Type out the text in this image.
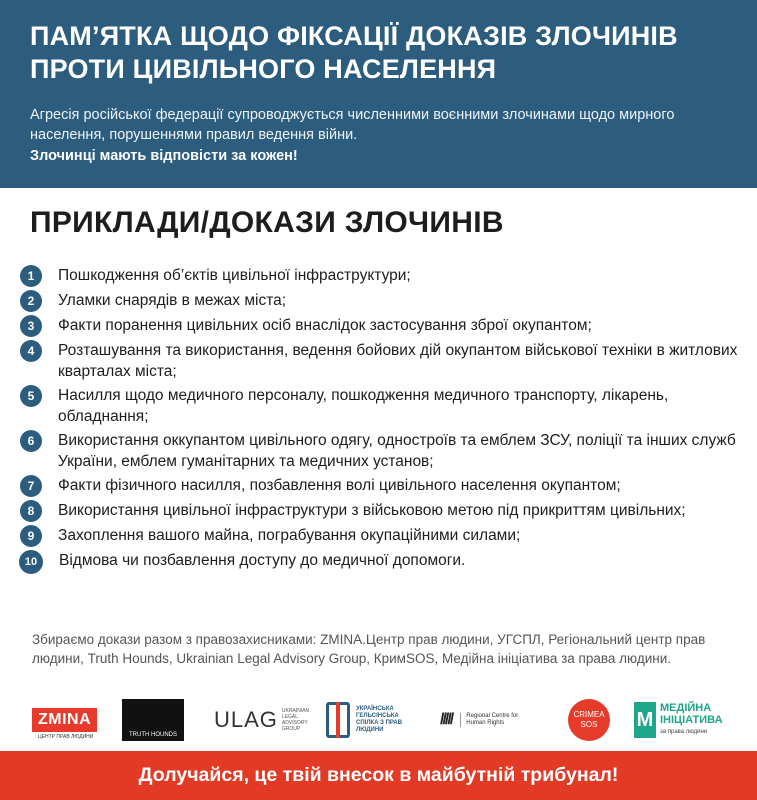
ПАМ’ЯТКА ЩОДО ФІКСАЦІЇ ДОКАЗІВ ЗЛОЧИНІВ
ПРОТИ ЦИВІЛЬНОГО НАСЕЛЕННЯ

Агресія російської федерації супроводжується численними воєнними злочинами щодо мирного населення, порушеннями правил ведення війни.

Злочинці мають відповісти за кожен!

ПРИКЛАДИ/ДОКАЗИ ЗЛОЧИНІВ
1	Пошкодження об’єктів цивільної інфраструктури;
2	Уламки снарядів в межах міста;
3	Факти поранення цивільних осіб внаслідок застосування зброї окупантом;
4	Розташування та використання, ведення бойових дій окупантом військової техніки в житлових кварталах міста;
5	Насилля щодо медичного персоналу, пошкодження медичного транспорту, лікарень, обладнання;
6	Використання оккупантом цивільного одягу, одностроїв та емблем ЗСУ, поліції та інших служб України, емблем гуманітарних та медичних установ;
7	Факти фізичного насилля, позбавлення волі цивільного населення окупантом;
8	Використання цивільної інфраструктури з військовою метою під прикриттям цивільних;
9	Захоплення вашого майна, пограбування окупаційними силами;
10	Відмова чи позбавлення доступу до медичної допомоги.

Збираємо докази разом з правозахисниками: ZMINA.Центр прав людини, УГСПЛ, Регіональний центр прав людини, Truth Hounds, Ukrainian Legal Advisory Group, КримSOS, Медійна ініціатива за права людини.

ZMINA
ЦЕНТР ПРАВ ЛЮДИНИ	TRUTH HOUNDS
ULAG UKRAINIAN LEGAL ADVISORY GROUP
УКРАЇНСЬКА ГЕЛЬСІНСЬКА СПІЛКА З ПРАВ ЛЮДИНИ
/////	Regional Centre for Human Rights
CRIMEA
SOS M
МЕДІЙНА
ІНІЦІАТИВА
за права людини
Долучайся, це твій внесок в майбутній трибунал!
